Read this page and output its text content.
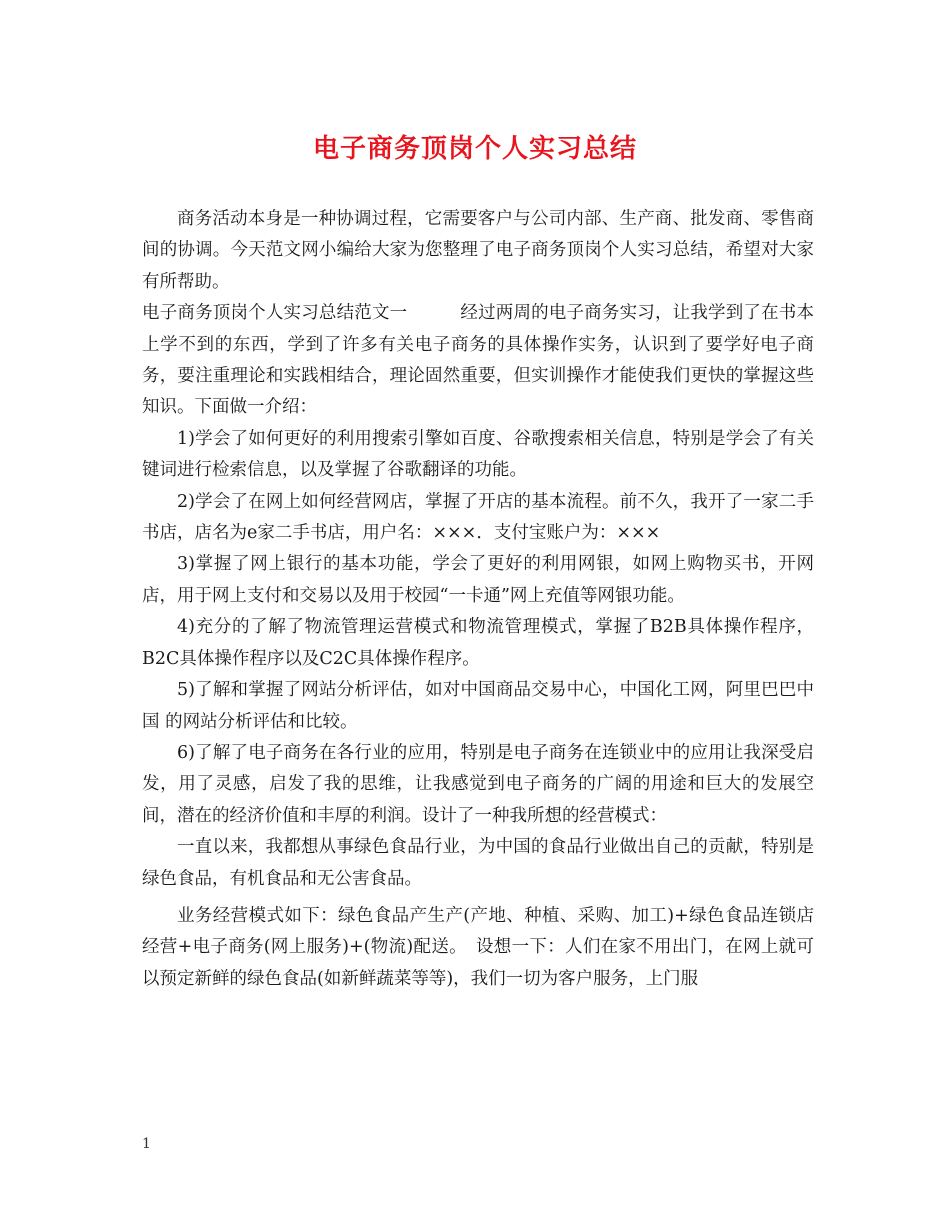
电子商务顶岗个人实习总结

商务活动本身是一种协调过程，它需要客户与公司内部、生产商、批发商、零售商间的协调。今天范文网小编给大家为您整理了电子商务顶岗个人实习总结，希望对大家有所帮助。

电子商务顶岗个人实习总结范文一　　　经过两周的电子商务实习，让我学到了在书本上学不到的东西，学到了许多有关电子商务的具体操作实务，认识到了要学好电子商务，要注重理论和实践相结合，理论固然重要，但实训操作才能使我们更快的掌握这些知识。下面做一介绍：

1)学会了如何更好的利用搜索引擎如百度、谷歌搜索相关信息，特别是学会了有关键词进行检索信息，以及掌握了谷歌翻译的功能。

2)学会了在网上如何经营网店，掌握了开店的基本流程。前不久，我开了一家二手书店，店名为e家二手书店，用户名：×××．支付宝账户为：×××

3)掌握了网上银行的基本功能，学会了更好的利用网银，如网上购物买书，开网店，用于网上支付和交易以及用于校园“一卡通”网上充值等网银功能。

4)充分的了解了物流管理运营模式和物流管理模式，掌握了B2B具体操作程序，B2C具体操作程序以及C2C具体操作程序。

5)了解和掌握了网站分析评估，如对中国商品交易中心，中国化工网，阿里巴巴中国 的网站分析评估和比较。

6)了解了电子商务在各行业的应用，特别是电子商务在连锁业中的应用让我深受启发，用了灵感，启发了我的思维，让我感觉到电子商务的广阔的用途和巨大的发展空间，潜在的经济价值和丰厚的利润。设计了一种我所想的经营模式：

一直以来，我都想从事绿色食品行业，为中国的食品行业做出自己的贡献，特别是绿色食品，有机食品和无公害食品。

业务经营模式如下：绿色食品产生产(产地、种植、采购、加工)+绿色食品连锁店经营+电子商务(网上服务)+(物流)配送。　设想一下：人们在家不用出门，在网上就可以预定新鲜的绿色食品(如新鲜蔬菜等等)，我们一切为客户服务，上门服

1
